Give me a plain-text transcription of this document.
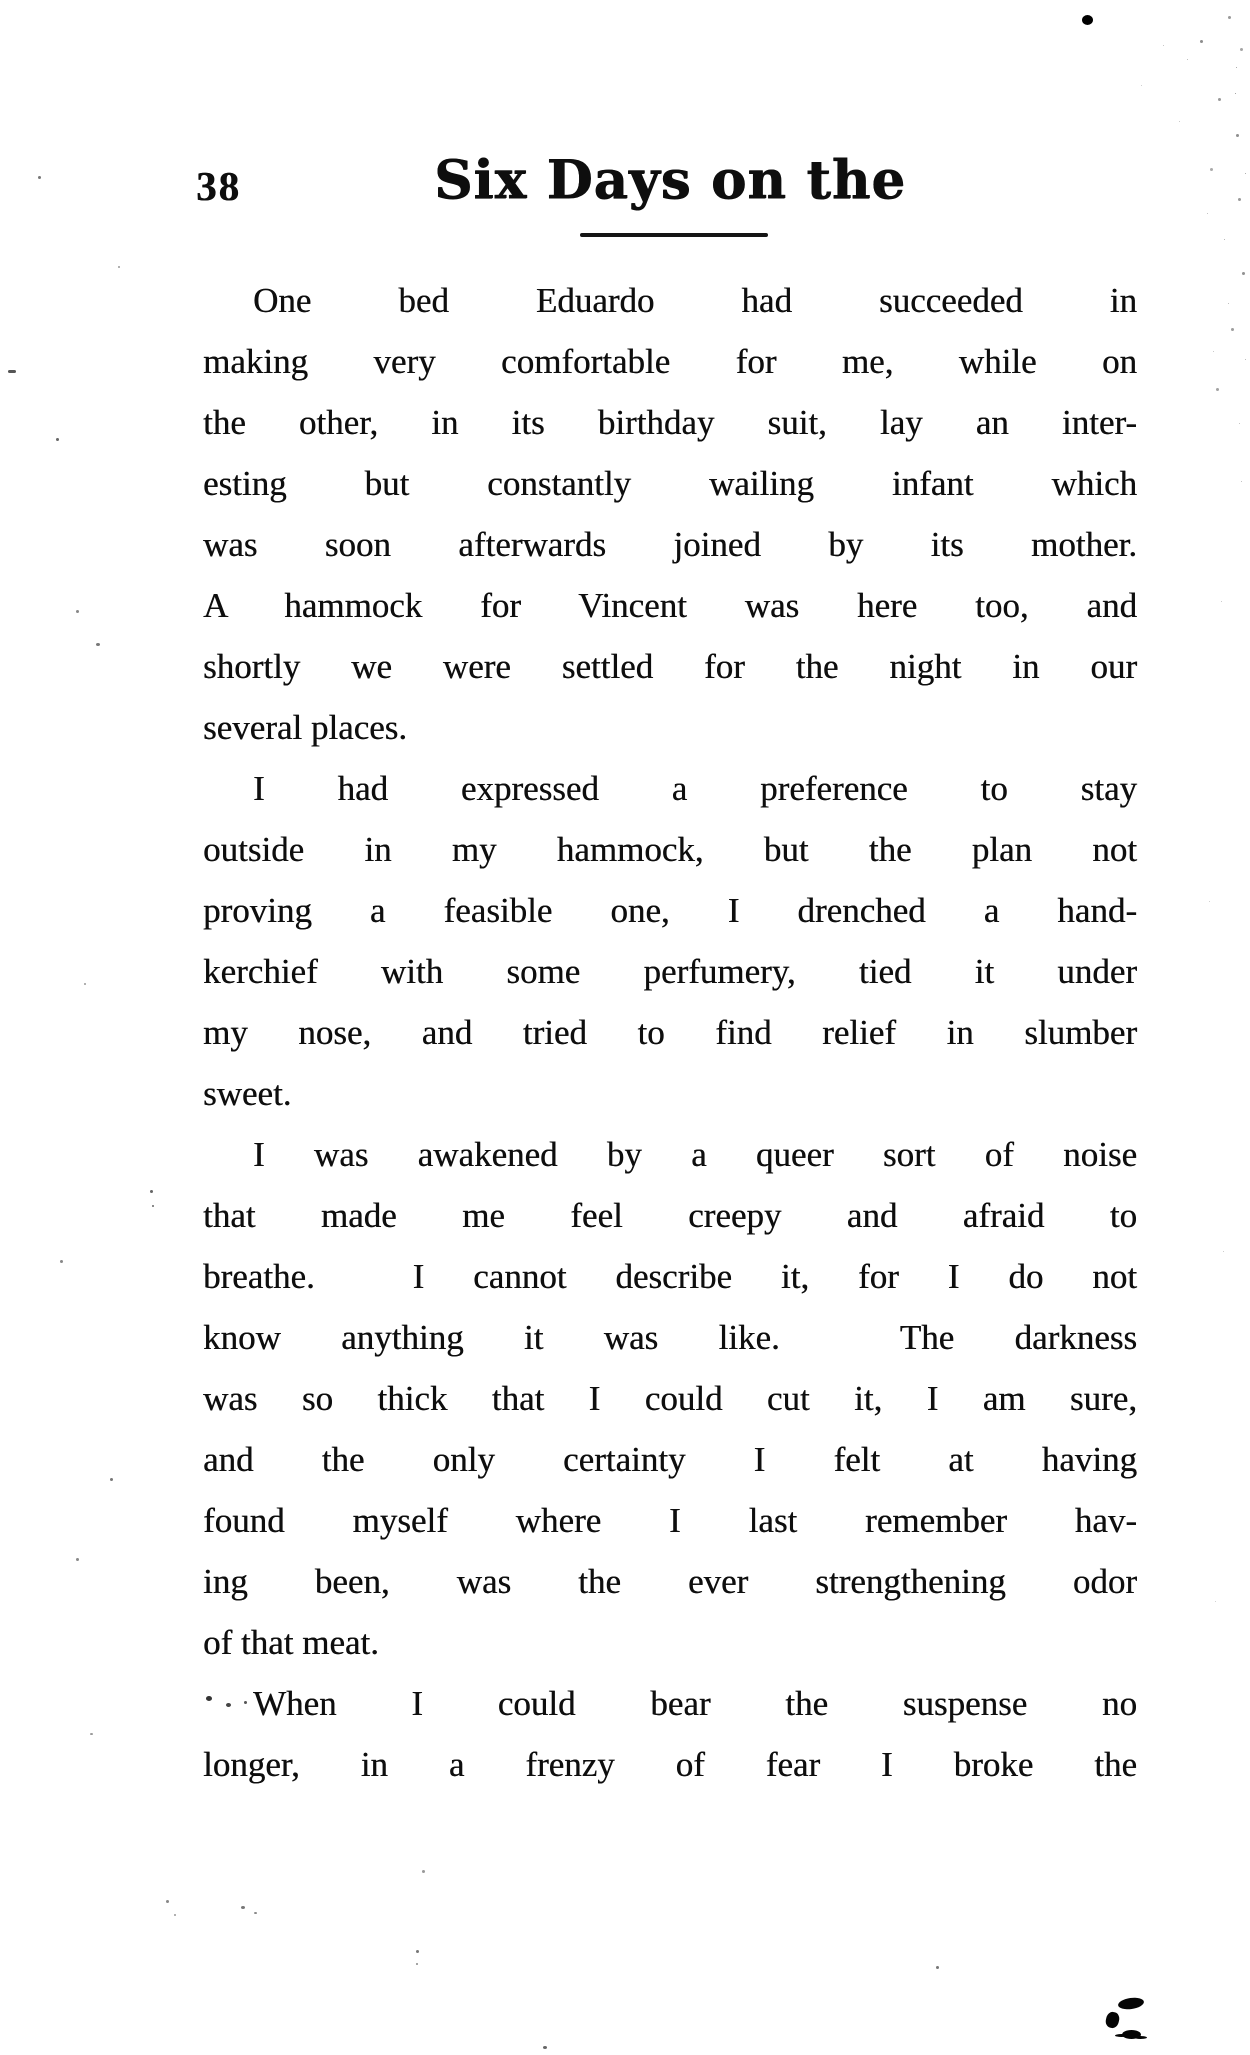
38	Six Days on the
One bed Eduardo had succeeded in
making very comfortable for me, while on
the other, in its birthday suit, lay an inter-
esting but constantly wailing infant which
was soon afterwards joined by its mother.
A hammock for Vincent was here too, and
shortly we were settled for the night in our
several places.
I had expressed a preference to stay
outside in my hammock, but the plan not
proving a feasible one, I drenched a hand-
kerchief with some perfumery, tied it under
my nose, and tried to find relief in slumber
sweet.
I was awakened by a queer sort of noise
that made me feel creepy and afraid to
breathe.  I cannot describe it, for I do not
know anything it was like.  The darkness
was so thick that I could cut it, I am sure,
and the only certainty I felt at having
found myself where I last remember hav-
ing been, was the ever strengthening odor
of that meat.
When I could bear the suspense no
longer, in a frenzy of fear I broke the
